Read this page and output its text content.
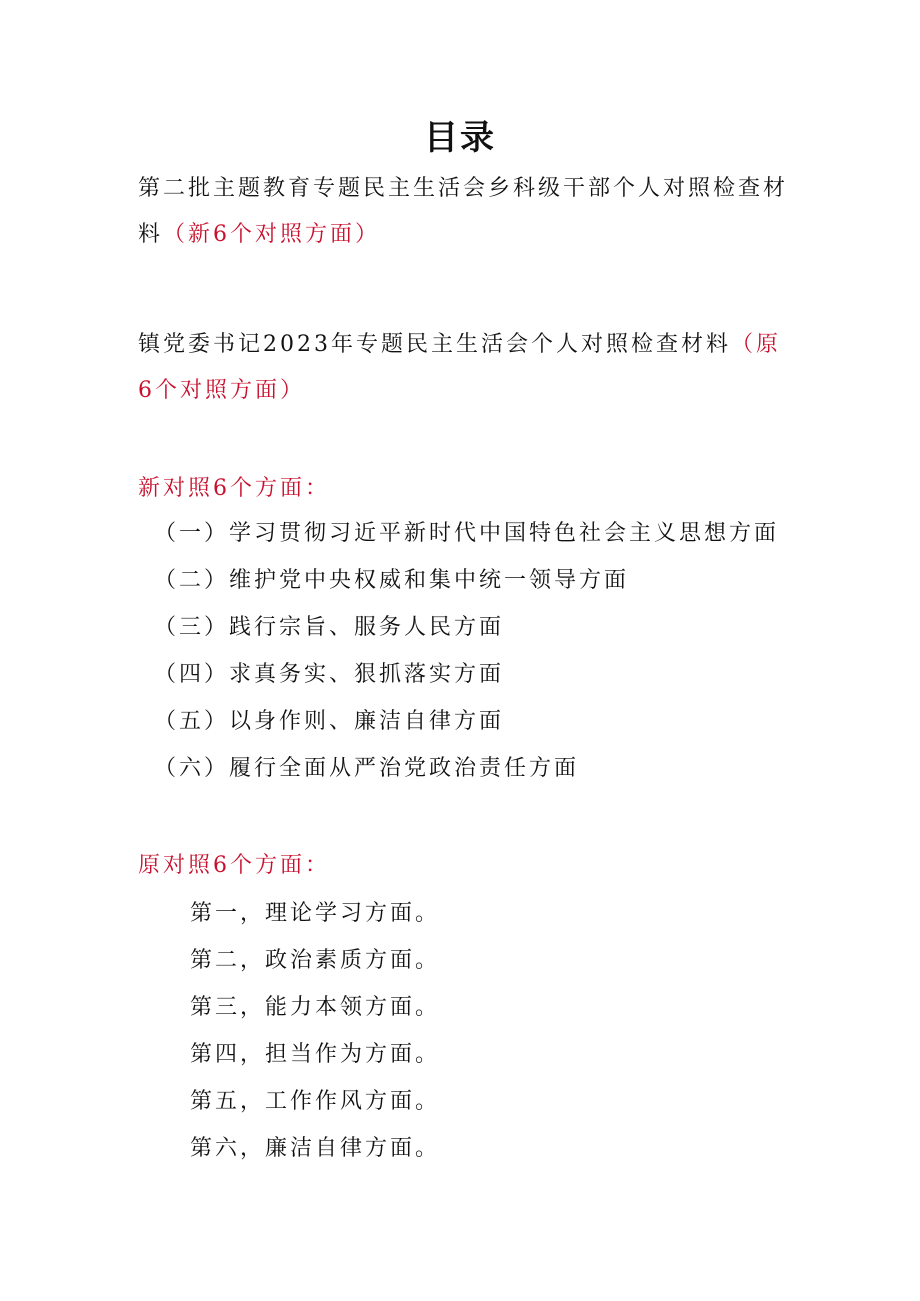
目录
第二批主题教育专题民主生活会乡科级干部个人对照检查材料（新6个对照方面）
镇党委书记2023年专题民主生活会个人对照检查材料（原6个对照方面）
新对照6个方面：
（一）学习贯彻习近平新时代中国特色社会主义思想方面
（二）维护党中央权威和集中统一领导方面
（三）践行宗旨、服务人民方面
（四）求真务实、狠抓落实方面
（五）以身作则、廉洁自律方面
（六）履行全面从严治党政治责任方面
原对照6个方面：
第一，理论学习方面。
第二，政治素质方面。
第三，能力本领方面。
第四，担当作为方面。
第五，工作作风方面。
第六，廉洁自律方面。
